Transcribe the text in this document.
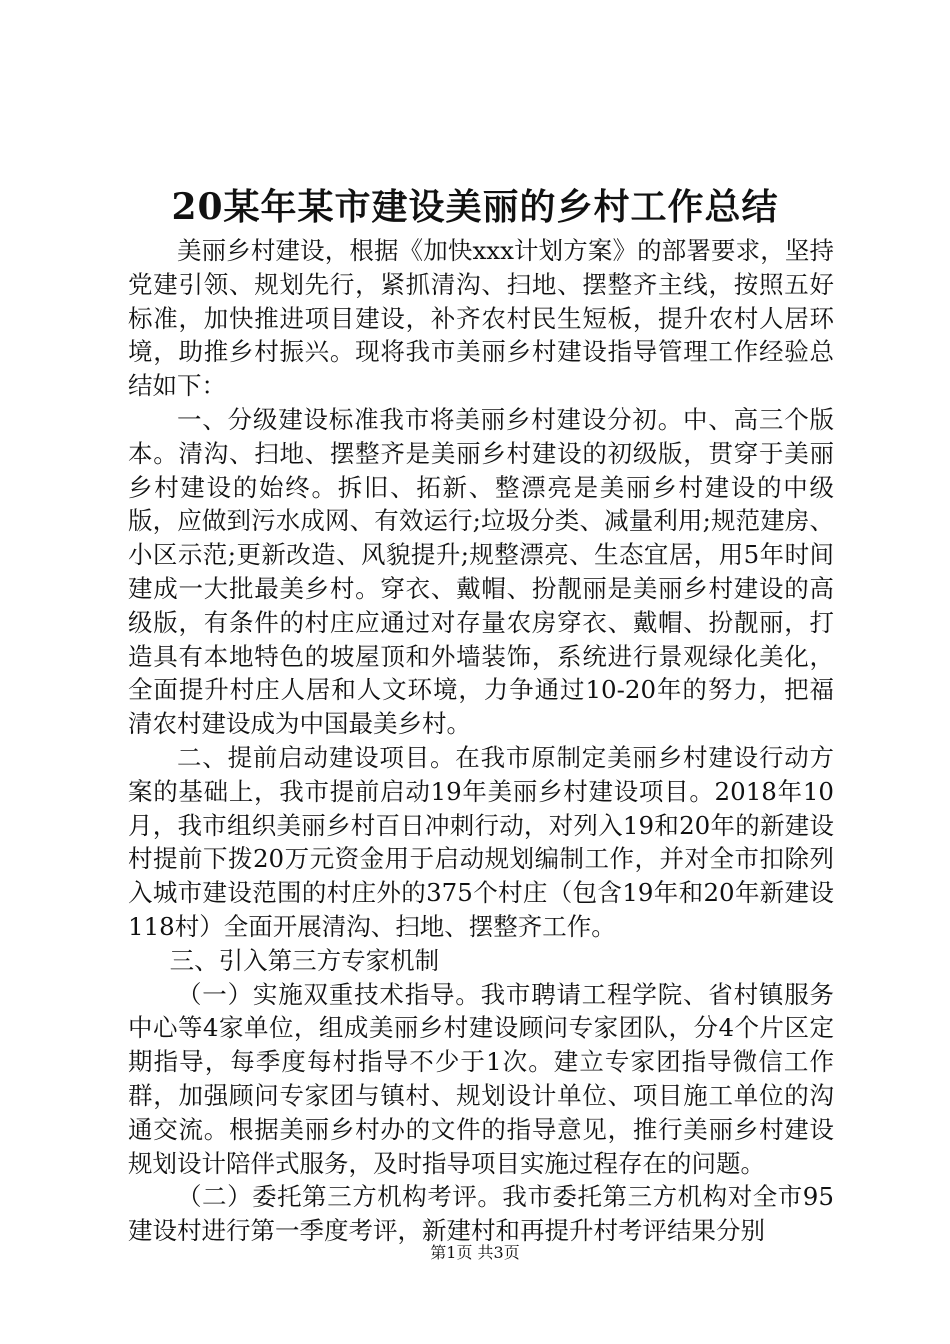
20某年某市建设美丽的乡村工作总结

美丽乡村建设，根据《加快xxx计划方案》的部署要求，坚持党建引领、规划先行，紧抓清沟、扫地、摆整齐主线，按照五好标准，加快推进项目建设，补齐农村民生短板，提升农村人居环境，助推乡村振兴。现将我市美丽乡村建设指导管理工作经验总结如下：

一、分级建设标准我市将美丽乡村建设分初。中、高三个版本。清沟、扫地、摆整齐是美丽乡村建设的初级版，贯穿于美丽乡村建设的始终。拆旧、拓新、整漂亮是美丽乡村建设的中级版，应做到污水成网、有效运行;垃圾分类、减量利用;规范建房、小区示范;更新改造、风貌提升;规整漂亮、生态宜居，用5年时间建成一大批最美乡村。穿衣、戴帽、扮靓丽是美丽乡村建设的高级版，有条件的村庄应通过对存量农房穿衣、戴帽、扮靓丽，打造具有本地特色的坡屋顶和外墙装饰，系统进行景观绿化美化，全面提升村庄人居和人文环境，力争通过10-20年的努力，把福清农村建设成为中国最美乡村。

二、提前启动建设项目。在我市原制定美丽乡村建设行动方案的基础上，我市提前启动19年美丽乡村建设项目。2018年10月，我市组织美丽乡村百日冲刺行动，对列入19和20年的新建设村提前下拨20万元资金用于启动规划编制工作，并对全市扣除列入城市建设范围的村庄外的375个村庄（包含19年和20年新建设118村）全面开展清沟、扫地、摆整齐工作。

三、引入第三方专家机制

（一）实施双重技术指导。我市聘请工程学院、省村镇服务中心等4家单位，组成美丽乡村建设顾问专家团队，分4个片区定期指导，每季度每村指导不少于1次。建立专家团指导微信工作群，加强顾问专家团与镇村、规划设计单位、项目施工单位的沟通交流。根据美丽乡村办的文件的指导意见，推行美丽乡村建设规划设计陪伴式服务，及时指导项目实施过程存在的问题。

（二）委托第三方机构考评。我市委托第三方机构对全市95建设村进行第一季度考评，新建村和再提升村考评结果分别

第1页 共3页
